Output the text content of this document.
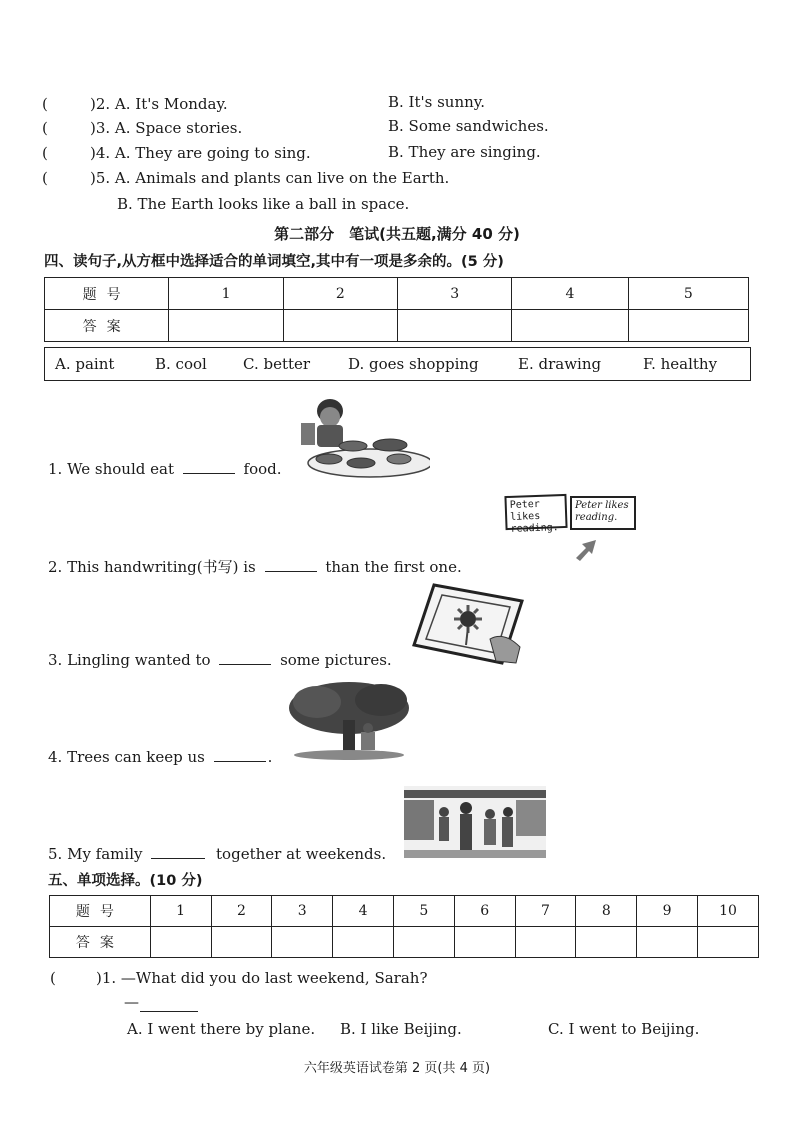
(	)2. A. It's Monday.	B. It's sunny.
(	)3. A. Space stories.	B. Some sandwiches.
(	)4. A. They are going to sing.	B. They are singing.
(	)5. A. Animals and plants can live on the Earth.
B. The Earth looks like a ball in space.
第二部分　笔试(共五题,满分 40 分)
四、读句子,从方框中选择适合的单词填空,其中有一项是多余的。(5 分)
题号	1	2	3	4	5
答案					
A. paint	B. cool C. better	D. goes shopping	E. drawing	F. healthy
1. We should eat	food.
Peter likes reading.
Peter likes reading.
2. This handwriting(书写) is	than the first one.
3. Lingling wanted to	some pictures.
4. Trees can keep us	.
5. My family	together at weekends.
五、单项选择。(10 分)
题号	1	2	3	4	5	6	7	8	9	10
答案										
(	)1. —What did you do last weekend, Sarah?
—
A. I went there by plane. B. I like Beijing.	C. I went to Beijing.
六年级英语试卷第 2 页(共 4 页)
